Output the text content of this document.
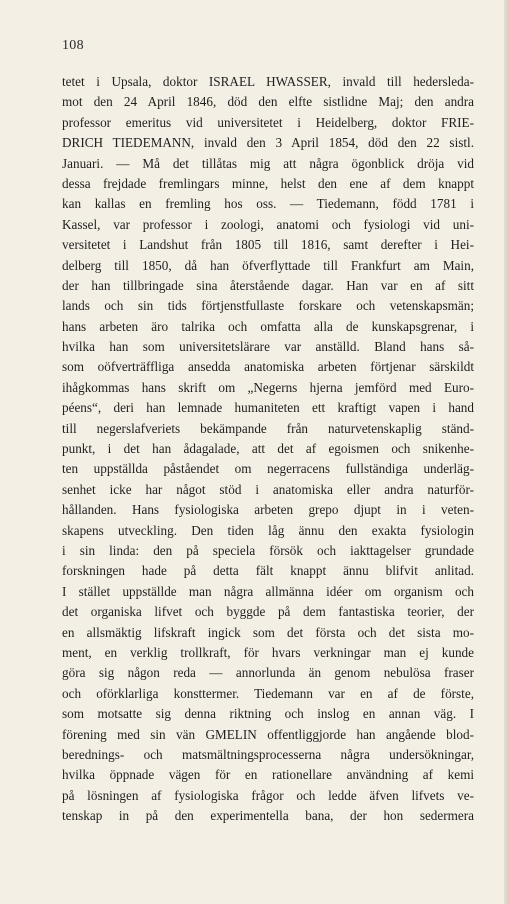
108
tetet i Upsala, doktor ISRAEL HWASSER, invald till hedersleda-
mot den 24 April 1846, död den elfte sistlidne Maj; den andra
professor emeritus vid universitetet i Heidelberg, doktor FRIE-
DRICH TIEDEMANN, invald den 3 April 1854, död den 22 sistl.
Januari. — Må det tillåtas mig att några ögonblick dröja vid
dessa frejdade fremlingars minne, helst den ene af dem knappt
kan kallas en fremling hos oss. — Tiedemann, född 1781 i
Kassel, var professor i zoologi, anatomi och fysiologi vid uni-
versitetet i Landshut från 1805 till 1816, samt derefter i Hei-
delberg till 1850, då han öfverflyttade till Frankfurt am Main,
der han tillbringade sina återstående dagar. Han var en af sitt
lands och sin tids förtjenstfullaste forskare och vetenskapsmän;
hans arbeten äro talrika och omfatta alla de kunskapsgrenar, i
hvilka han som universitetslärare var anställd. Bland hans så-
som oöfverträffliga ansedda anatomiska arbeten förtjenar särskildt
ihågkommas hans skrift om „Negerns hjerna jemförd med Euro-
péens“, deri han lemnade humaniteten ett kraftigt vapen i hand
till negerslafveriets bekämpande från naturvetenskaplig ständ-
punkt, i det han ådagalade, att det af egoismen och snikenhe-
ten uppställda påståendet om negerracens fullständiga underläg-
senhet icke har något stöd i anatomiska eller andra naturför-
hållanden. Hans fysiologiska arbeten grepo djupt in i veten-
skapens utveckling. Den tiden låg ännu den exakta fysiologin
i sin linda: den på speciela försök och iakttagelser grundade
forskningen hade på detta fält knappt ännu blifvit anlitad.
I stället uppställde man några allmänna idéer om organism och
det organiska lifvet och byggde på dem fantastiska teorier, der
en allsmäktig lifskraft ingick som det första och det sista mo-
ment, en verklig trollkraft, för hvars verkningar man ej kunde
göra sig någon reda — annorlunda än genom nebulösa fraser
och oförklarliga konsttermer. Tiedemann var en af de förste,
som motsatte sig denna riktning och inslog en annan väg. I
förening med sin vän GMELIN offentliggjorde han angående blod-
berednings- och matsmältningsprocesserna några undersökningar,
hvilka öppnade vägen för en rationellare användning af kemi
på lösningen af fysiologiska frågor och ledde äfven lifvets ve-
tenskap in på den experimentella bana, der hon sedermera
